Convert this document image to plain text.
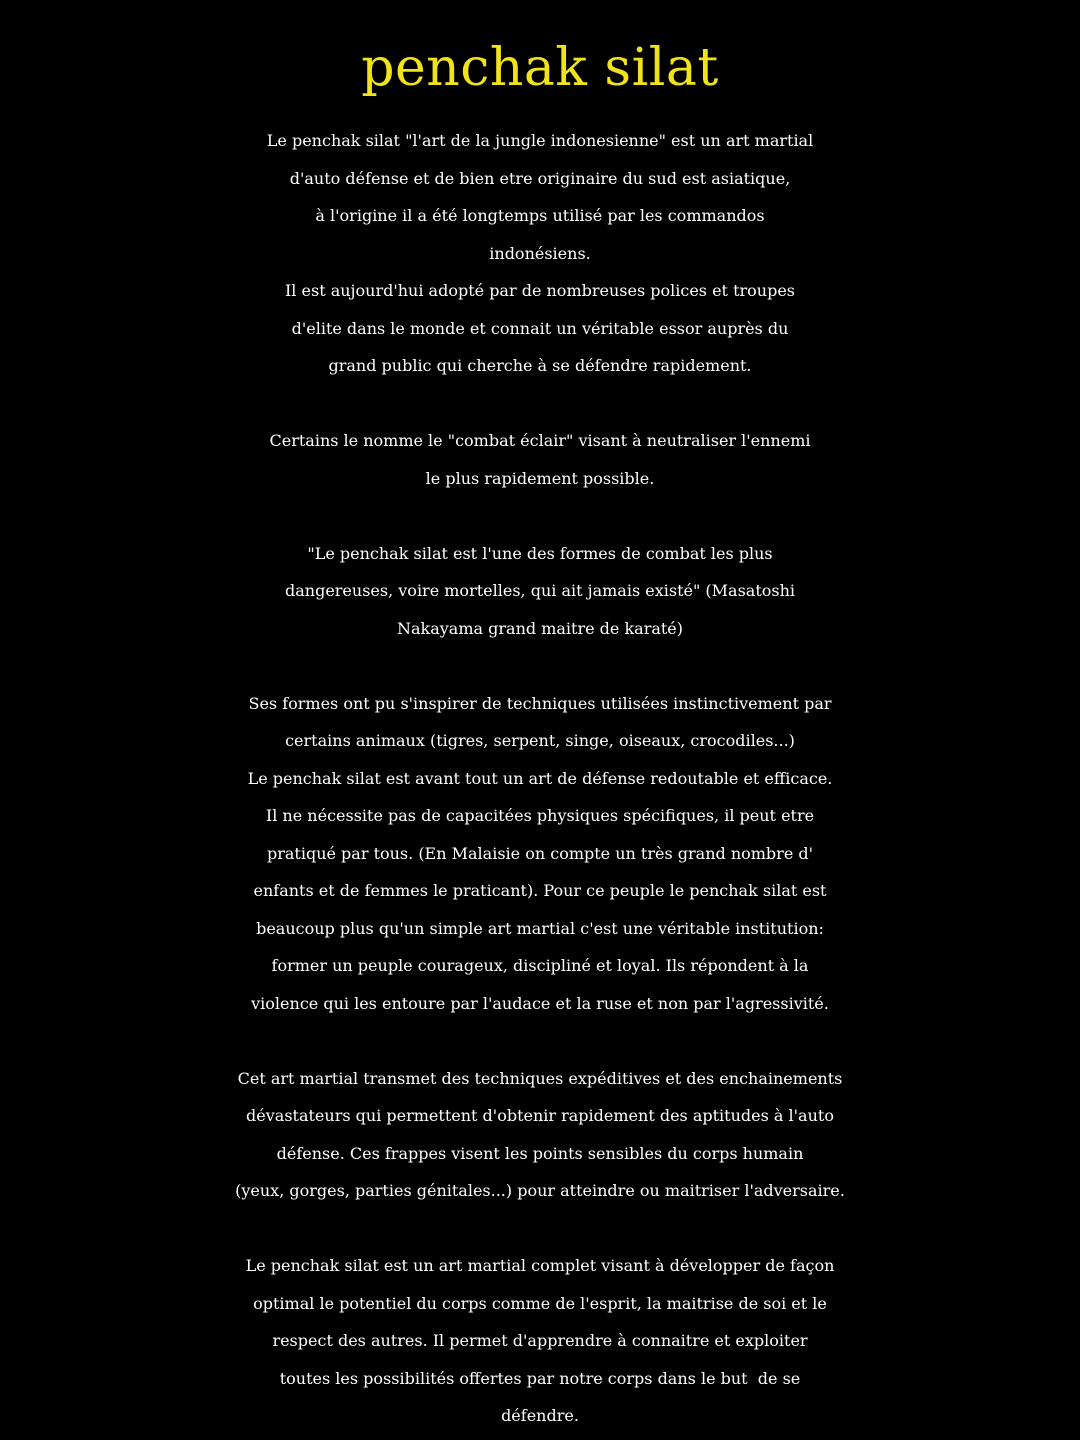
penchak silat
Le penchak silat "l'art de la jungle indonesienne" est un art martial
d'auto défense et de bien etre originaire du sud est asiatique,
à l'origine il a été longtemps utilisé par les commandos
indonésiens.
Il est aujourd'hui adopté par de nombreuses polices et troupes
d'elite dans le monde et connait un véritable essor auprès du
grand public qui cherche à se défendre rapidement.
Certains le nomme le "combat éclair" visant à neutraliser l'ennemi
le plus rapidement possible.
"Le penchak silat est l'une des formes de combat les plus
dangereuses, voire mortelles, qui ait jamais existé" (Masatoshi
Nakayama grand maitre de karaté)
Ses formes ont pu s'inspirer de techniques utilisées instinctivement par
certains animaux (tigres, serpent, singe, oiseaux, crocodiles...)
Le penchak silat est avant tout un art de défense redoutable et efficace.
Il ne nécessite pas de capacitées physiques spécifiques, il peut etre
pratiqué par tous. (En Malaisie on compte un très grand nombre d'
enfants et de femmes le praticant). Pour ce peuple le penchak silat est
beaucoup plus qu'un simple art martial c'est une véritable institution:
former un peuple courageux, discipliné et loyal. Ils répondent à la
violence qui les entoure par l'audace et la ruse et non par l'agressivité.
Cet art martial transmet des techniques expéditives et des enchainements
dévastateurs qui permettent d'obtenir rapidement des aptitudes à l'auto
défense. Ces frappes visent les points sensibles du corps humain
(yeux, gorges, parties génitales...) pour atteindre ou maitriser l'adversaire.
Le penchak silat est un art martial complet visant à développer de façon
optimal le potentiel du corps comme de l'esprit, la maitrise de soi et le
respect des autres. Il permet d'apprendre à connaitre et exploiter
toutes les possibilités offertes par notre corps dans le but  de se
défendre.
